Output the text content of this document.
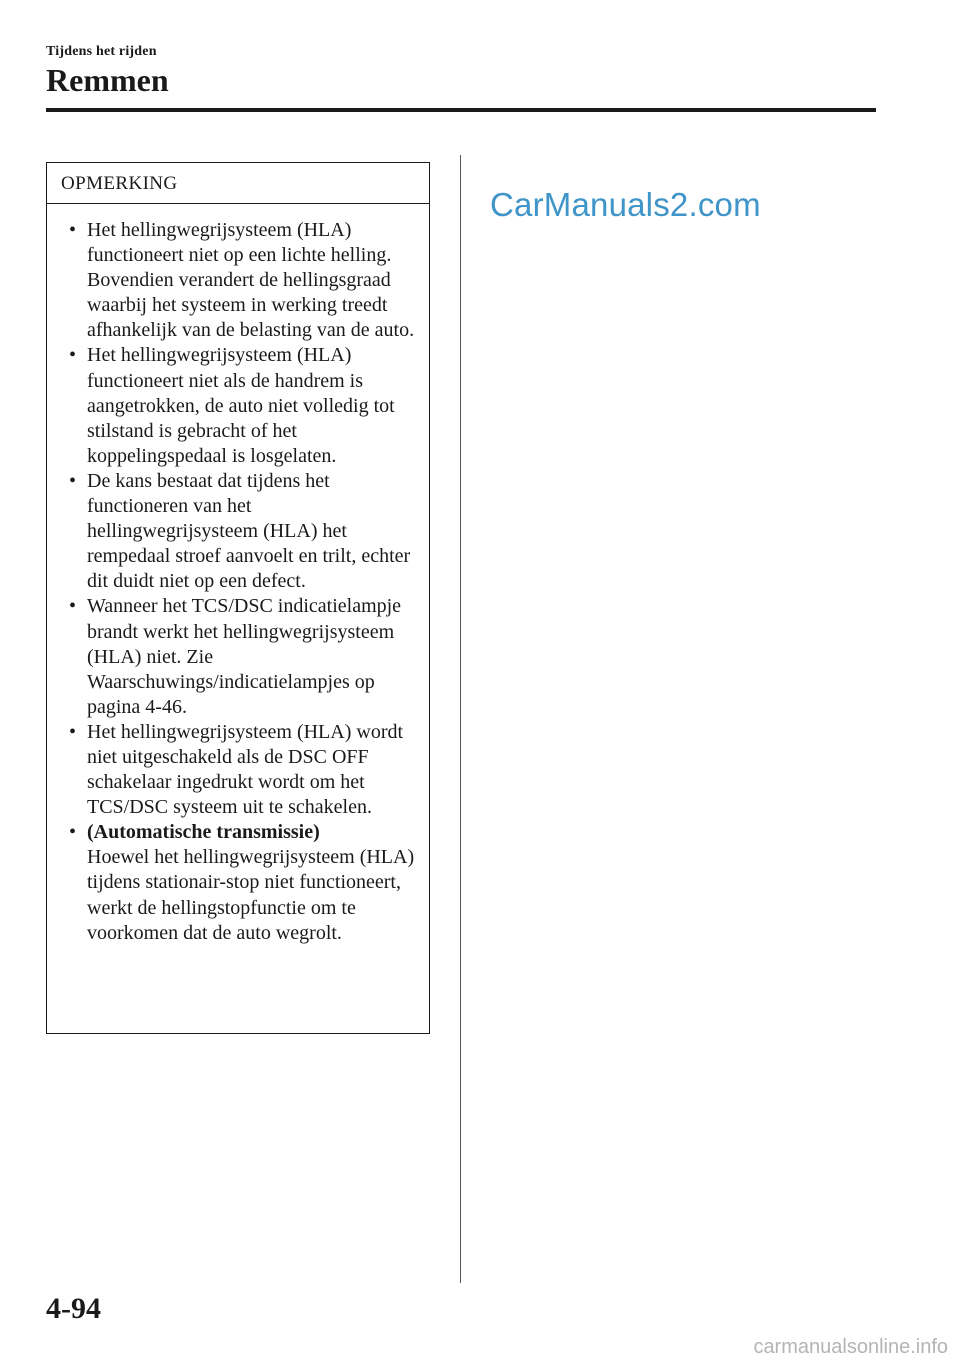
Tijdens het rijden
Remmen
OPMERKING
• Het hellingwegrijsysteem (HLA) functioneert niet op een lichte helling. Bovendien verandert de hellingsgraad waarbij het systeem in werking treedt afhankelijk van de belasting van de auto.
• Het hellingwegrijsysteem (HLA) functioneert niet als de handrem is aangetrokken, de auto niet volledig tot stilstand is gebracht of het koppelingspedaal is losgelaten.
• De kans bestaat dat tijdens het functioneren van het hellingwegrijsysteem (HLA) het rempedaal stroef aanvoelt en trilt, echter dit duidt niet op een defect.
• Wanneer het TCS/DSC indicatielampje brandt werkt het hellingwegrijsysteem (HLA) niet. Zie Waarschuwings/indicatielampjes op pagina 4-46.
• Het hellingwegrijsysteem (HLA) wordt niet uitgeschakeld als de DSC OFF schakelaar ingedrukt wordt om het TCS/DSC systeem uit te schakelen.
• (Automatische transmissie)
Hoewel het hellingwegrijsysteem (HLA) tijdens stationair-stop niet functioneert, werkt de hellingstopfunctie om te voorkomen dat de auto wegrolt.
CarManuals2.com
4-94
carmanualsonline.info
